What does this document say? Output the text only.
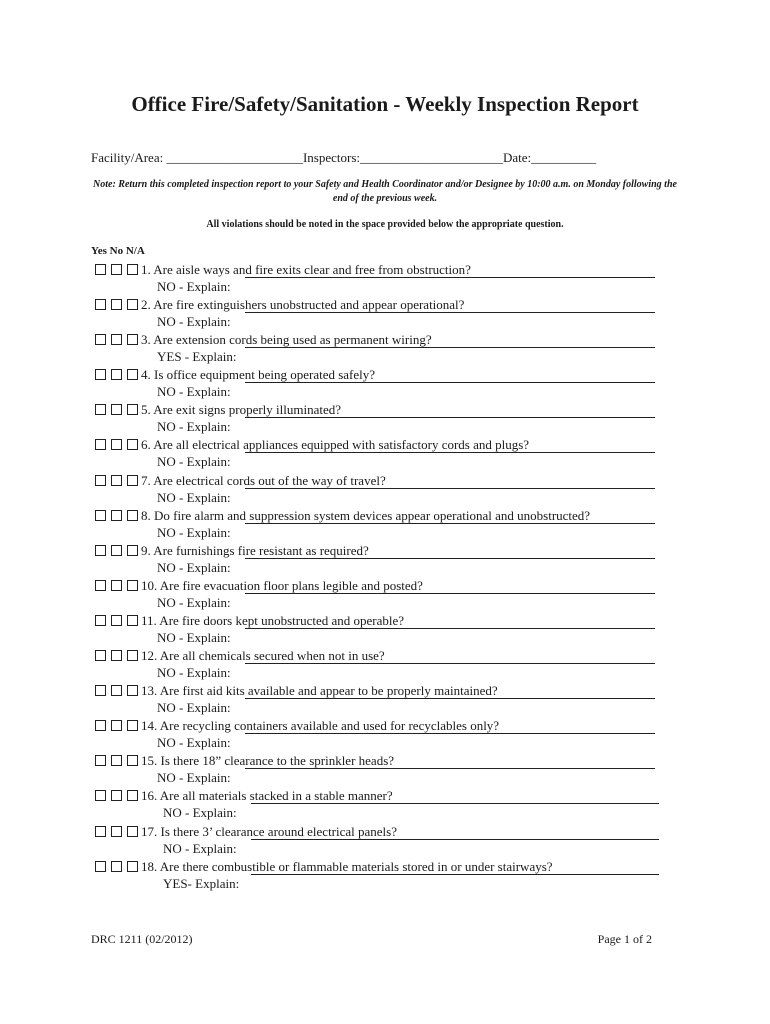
Office Fire/Safety/Sanitation - Weekly Inspection Report
Facility/Area: _____________________Inspectors:______________________Date:__________
Note: Return this completed inspection report to your Safety and Health Coordinator and/or Designee by 10:00 a.m. on Monday following the end of the previous week.
All violations should be noted in the space provided below the appropriate question.
Yes No N/A
1. Are aisle ways and fire exits clear and free from obstruction?
NO - Explain:
2. Are fire extinguishers unobstructed and appear operational?
NO - Explain:
3. Are extension cords being used as permanent wiring?
YES - Explain:
4. Is office equipment being operated safely?
NO - Explain:
5. Are exit signs properly illuminated?
NO - Explain:
6. Are all electrical appliances equipped with satisfactory cords and plugs?
NO - Explain:
7. Are electrical cords out of the way of travel?
NO - Explain:
8. Do fire alarm and suppression system devices appear operational and unobstructed?
NO - Explain:
9. Are furnishings fire resistant as required?
NO - Explain:
10. Are fire evacuation floor plans legible and posted?
NO - Explain:
11. Are fire doors kept unobstructed and operable?
NO - Explain:
12. Are all chemicals secured when not in use?
NO - Explain:
13. Are first aid kits available and appear to be properly maintained?
NO - Explain:
14. Are recycling containers available and used for recyclables only?
NO - Explain:
15. Is there 18” clearance to the sprinkler heads?
NO - Explain:
16. Are all materials stacked in a stable manner?
NO - Explain:
17. Is there 3’ clearance around electrical panels?
NO - Explain:
18. Are there combustible or flammable materials stored in or under stairways?
YES- Explain:
DRC 1211 (02/2012)	Page 1 of 2
